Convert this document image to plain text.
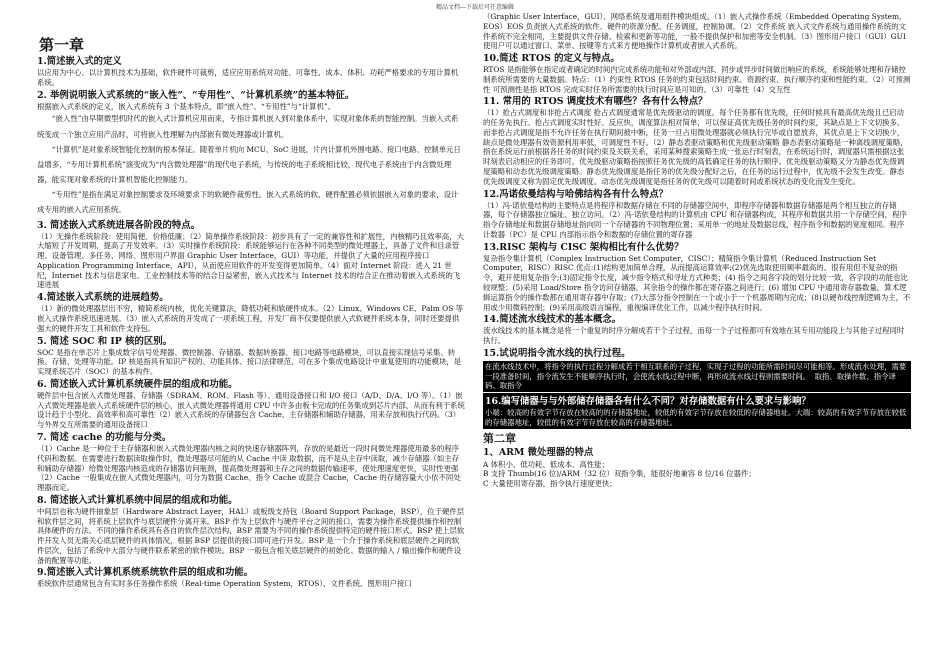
精品文档---下载后可任意编辑
第一章
1.简述嵌入式的定义
以应用为中心、以计算机技术为基础，软件硬件可裁剪，适应应用系统对功能、可靠性、成本、体积、功耗严格要求的专用计算机系统。
2. 举例说明嵌入式系统的“嵌入性”、“专用性”、“计算机系统”的基本特征。
根据嵌入式系统的定义，嵌入式系统有 3 个基本特点，即“嵌入性”、“专用性”与“计算机”。
“嵌入性”由早期微型机时代的嵌入式计算机应用而来，专指计算机嵌入到对象体系中，实现对象体系的智能控制。当嵌入式系统变成一个独立应用产品时，可将嵌入性理解为内部嵌有微处理器或计算机。
“计算机”是对象系统智能化控制的根本保证。随着单片机向 MCU、SoC 进展，片内计算机外围电路、接口电路、控制单元日益增多，“专用计算机系统”演变成为“内含微处理器”的现代电子系统，与传统的电子系统相比较，现代电子系统由于内含微处理器，能实现对象系统的计算机智能化控制能力。
“专用性”是指在满足对象控制要求及环境要求下的软硬件裁剪性。嵌入式系统的软、硬件配置必须依据嵌入对象的要求，设计成专用的嵌入式应用系统。
3. 简述嵌入式系统进展各阶段的特点。
（1）无操作系统阶段：使用简便、价格低廉；（2）简单操作系统阶段：初步具有了一定的兼容性和扩展性，内核精巧且效率高，大大缩短了开发周期，提高了开发效率。（3）实时操作系统阶段：系统能够运行在各种不同类型的微处理器上，具备了文件和目录管理、设备管理、多任务、网络、图形用户界面 Graphic User Interface，GUI）等功能，并提供了大量的应用程序接口 Application Programming Interface，API），从而使应用软件的开发变得更加简单。（4）面对 Internet 阶段：进入 21 世纪，Internet 技术与信息家电、工业控制技术等的结合日益紧密，嵌入式技术与 Internet 技术的结合正在推动着嵌入式系统的飞速进展
4.简述嵌入式系统的进展趋势。
（1）新的微处理器层出不穷，精简系统内核，优化关键算法，降低功耗和软硬件成本。（2）Linux、Windows CE、Palm OS 等嵌入式操作系统迅速进展。（3）嵌入式系统的开发成了一项系统工程，开发厂商不仅要提供嵌入式软硬件系统本身，同时还要提供强大的硬件开发工具和软件支持包。
5. 简述 SOC 和 IP 核的区别。
SOC 是指在单芯片上集成数字信号处理器、微控制器、存储器、数据转换器、接口电路等电路模块，可以直接实现信号采集、转换、存储、处理等功能。IP 核是指具有知识产权的、功能具体、接口法律规范、可在多个集成电路设计中重复使用的功能模块，是实现系统芯片（SOC）的基本构件。
6. 简述嵌入式计算机系统硬件层的组成和功能。
硬件层中包含嵌入式微处理器、存储器（SDRAM、ROM、Flash 等）、通用设备接口和 I/O 接口（A/D、D/A、I/O 等）。（1）嵌入式微处理器是嵌入式系统硬件层的核心，嵌入式微处理器将通用 CPU 中许多由板卡完成的任务集成到芯片内部，从而有利于系统设计趋于小型化、高效率和高可靠性（2）嵌入式系统的存储器包含 Cache、主存储器和辅助存储器，用来存放和执行代码。（3）与外界交互所需要的通用设备接口
7. 简述 cache 的功能与分类。
（1）Cache 是一种位于主存储器和嵌入式微处理器内核之间的快速存储器阵列，存放的是最近一段时间微处理器使用最多的程序代码和数据。在需要进行数据读取操作时，微处理器尽可能的从 Cache 中读 取数据，而不是从主存中读取，减少存储器（如主存和辅助存储器）给微处理器内核造成的存储器访问瓶颈，提高微处理器和主存之间的数据传输速率，使处理速度更快，实时性更强（2）Cache 一般集成在嵌入式微处理器内，可分为数据 Cache、指令 Cache 或混合 Cache，Cache 的存储容量大小依不同处理器而定。
8. 简述嵌入式计算机系统中间层的组成和功能。
中间层也称为硬件抽象层（Hardware Abstract Layer，HAL）或板级支持包（Board Support Package，BSP），位于硬件层和软件层之间，将系统上层软件与底层硬件分离开来。BSP 作为上层软件与硬件平台之间的接口，需要为操作系统提供操作和控制具体硬件的方法。不同的操作系统具有各自的软件层次结构，BSP 需要为不同的操作系统提供特定的硬件接口形式。BSP 使上层软件开发人员无需关心底层硬件的具体情况，根据 BSP 层提供的接口即可进行开发。BSP 是一个介于操作系统和底层硬件之间的软件层次，包括了系统中大部分与硬件联系紧密的软件模块。BSP 一般包含相关底层硬件的初始化、数据的输入 / 输出操作和硬件设备的配置等功能。
9.简述嵌入式计算机系统系统软件层的组成和功能。
系统软件层通常包含有实时多任务操作系统（Real-time Operation System，RTOS）、文件系统、图形用户接口
（Graphic User Interface，GUI）、网络系统及通用组件模块组成。（1）嵌入式操作系统（Embedded Operating System，EOS）EOS 负责嵌入式系统的软件、硬件的资源分配、任务调度，控制协调。（2）文件系统 嵌入式文件系统与通用操作系统的文件系统不完全相同，主要提供文件存储、检索和更新等功能，一般不提供保护和加密等安全机制。（3）图形用户接口（GUI）GUI 使用户可以通过窗口、菜单、按键等方式来方便地操作计算机或者嵌入式系统。
10.简述 RTOS 的定义与特点。
RTOS 是指能够在指定或者确定的时间内完成系统功能和对外部或内部、同步或异步时间做出响应的系统，系统能够处理和存储控制系统所需要的大量数据。特点：（1）约束性 RTOS 任务的约束包括时间约束、资源约束、执行顺序约束和性能约束。（2）可预测性 可预测性是指 RTOS 完成实时任务所需要的执行时间应是可知的。（3）可靠性（4）交互性
11. 常用的 RTOS 调度技术有哪些？各有什么特点？
（1）抢占式调度和非抢占式调度 抢占式调度通常是优先级驱动的调度。每个任务都有优先级，任何时候具有最高优先级且已启动的任务先执行。抢占式调度实时性好、反应快，调度算法相对简单，可以保证高优先级任务的时间约束，其缺点是上下文切换多。而非抢占式调度是指不允许任务在执行期间被中断，任务一旦占用微处理器就必须执行完毕或自愿放弃，其优点是上下文切换少，缺点是微处理器有效资源利用率低，可调度性不好。（2）静态表驱动策略和优先级驱动策略 静态表驱动策略是一种离线调度策略，指在系统运行前根据各任务的时间约束及关联关系，采用某种搜索策略生成一张运行时刻表，在系统运行时，调度器只需根据这张时刻表启动相应的任务即可。优先级驱动策略指按照任务优先级的高低确定任务的执行顺序。优先级驱动策略又分为静态优先级调度策略和动态优先级调度策略。静态优先级调度是指任务的优先级分配好之后，在任务的运行过程中，优先级不会发生改变。静态优先级调度又称为固定优先级调度。动态优先级调度是指任务的优先级可以随着时间或系统状态的变化而发生变化。
12.冯诺依曼结构与哈佛结构各有什么特点？
（1）冯·诺依曼结构的主要特点是将程序和数据存储在不同的存储器空间中，即程序存储器和数据存储器是两个相互独立的存储器，每个存储器独立编址、独立访问。（2）冯·诺依曼结构的计算机由 CPU 和存储器构成，其程序和数据共用一个存储空间，程序指令存储地址和数据存储地址指向同一个存储器的不同物理位置；采用单一的地址及数据总线，程序指令和数据的宽度相同。程序计数器（PC）是 CPU 内部指示指令和数据的存储位置的寄存器
13.RISC 架构与 CISC 架构相比有什么优势？
复杂指令集计算机（Complex Instruction Set Computer，CISC）；精简指令集计算机（Reduced Instruction Set Computer，RISC）RISC 优点:(1)结构更加简单合理，从而提高运算效率;(2)优先选取使用频率最高的、很有用但不复杂的指令，避开使用复杂指令;(3)固定指令长度，减少指令格式和寻址方式种类；(4) 指令之间各字段的划分比较一致，各字段的功能也比较规整；(5)采用 Load/Store 指令访问存储器，其余指令的操作都在寄存器之间进行；(6) 增加 CPU 中通用寄存器数量，算术逻辑运算指令的操作数都在通用寄存器中存取；(7)大部分指令控制在一个或小于一个机器周期内完成；(8)以硬布线控制逻辑为主，不用或少用微码控制；(9)采用高级语言编程，重视编译优化工作，以减少程序执行时间。
14.简述流水线技术的基本概念。
流水线技术的基本概念是将一个重复的时序分解成若干个子过程，而每一个子过程都可有效地在其专用功能段上与其他子过程同时执行。
15.试说明指令流水线的执行过程。
在流水线技术中，将指令的执行过程分解成若干相互联系的子过程，实现子过程的功能所需时间尽可能相等。形成流水处理，需要一段准备时间，指令流发生不能顺序执行时，会使流水线过程中断，再形成流水线过程则需要时间。 取指、取操作数、指令译码、取指令
16.编写储器与与外部储存储器各有什么不同？对存储数据有什么要求与影响？
小端：较高的有效字节存放在较高的的存储器地址，较低的有效字节存放在较低的存储器地址。大端：较高的有效字节存放在较低的存储器地址，较低的有效字节存放在较高的存储器地址。
第二章
1、ARM 微处理器的特点
A 体积小、低功耗、低成本、高性能；
B 支持 Thumb(16 位)/ARM（32 位）双指令集，能很好地兼容 8 位/16 位器件；
C 大量使用寄存器，指令执行速度更快；
